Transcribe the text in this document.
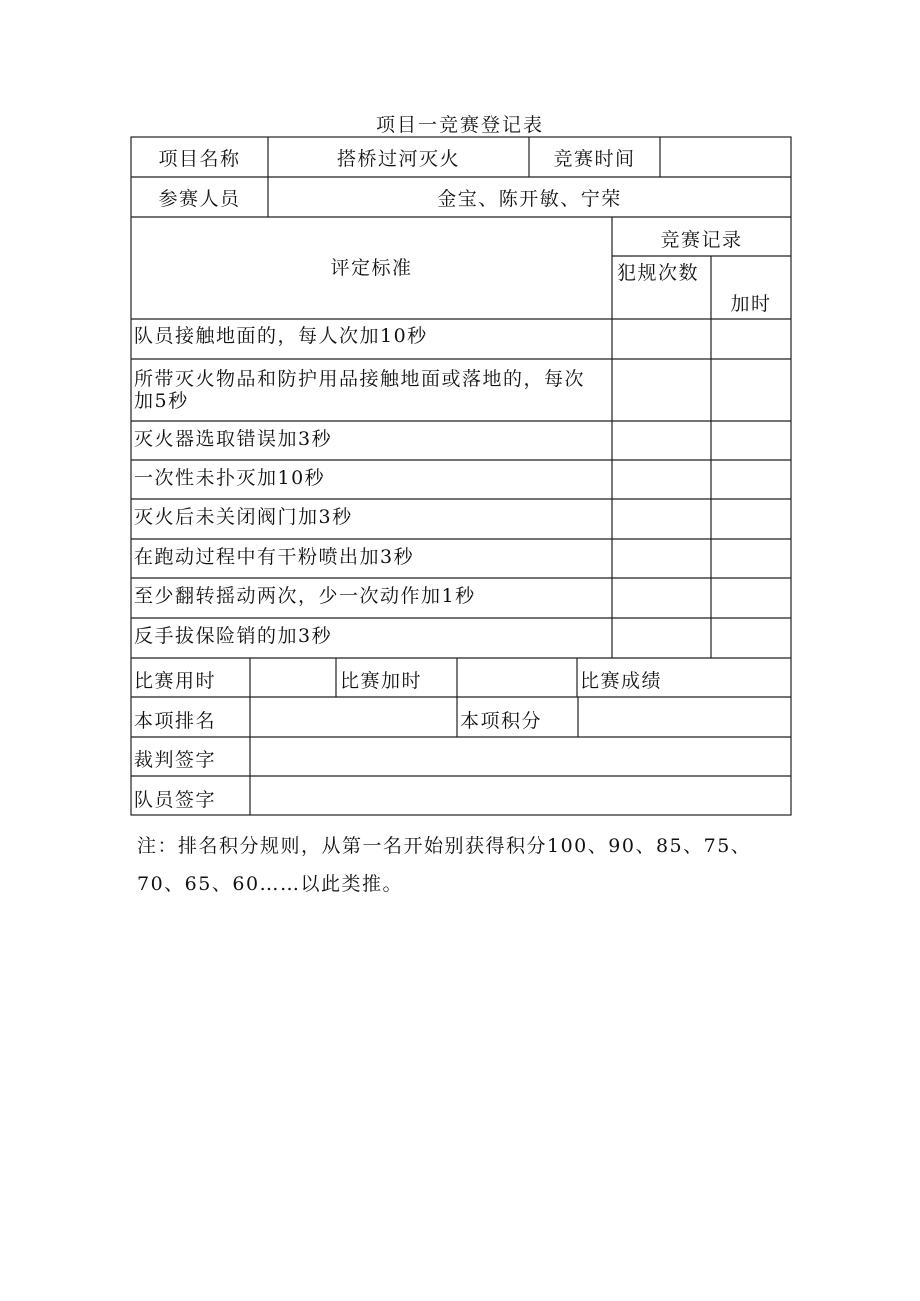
项目一竞赛登记表
项目名称	搭桥过河灭火	竞赛时间
参赛人员	金宝、陈开敏、宁荣
评定标准
竞赛记录
犯规次数
加时
队员接触地面的，每人次加10秒
所带灭火物品和防护用品接触地面或落地的，每次加5秒
灭火器选取错误加3秒
一次性未扑灭加10秒
灭火后未关闭阀门加3秒
在跑动过程中有干粉喷出加3秒
至少翻转摇动两次，少一次动作加1秒
反手拔保险销的加3秒
比赛用时	比赛加时	比赛成绩
本项排名	本项积分
裁判签字
队员签字
注：排名积分规则，从第一名开始别获得积分100、90、85、75、70、65、60……以此类推。
